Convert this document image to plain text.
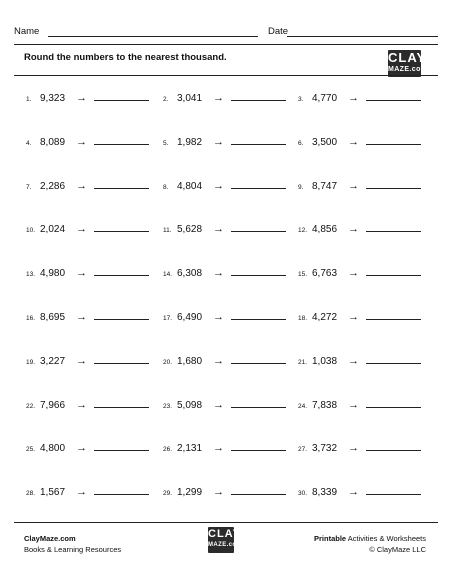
Name	Date
Round the numbers to the nearest thousand.	CLAY
MAZE.com
1. 9,323 →	2. 3,041 →	3. 4,770 →
4. 8,089 →	5. 1,982 →	6. 3,500 →
7. 2,286 →	8. 4,804 →	9. 8,747 →
10. 2,024 →	11. 5,628 →	12. 4,856 →
13. 4,980 →	14. 6,308 →	15. 6,763 →
16. 8,695 →	17. 6,490 →	18. 4,272 →
19. 3,227 →	20. 1,680 →	21. 1,038 →
22. 7,966 →	23. 5,098 →	24. 7,838 →
25. 4,800 →	26. 2,131 →	27. 3,732 →
28. 1,567 →	29. 1,299 →	30. 8,339 →
ClayMaze.com
Books & Learning Resources
CLAY
MAZE.com
Printable Activities & Worksheets
© ClayMaze LLC
